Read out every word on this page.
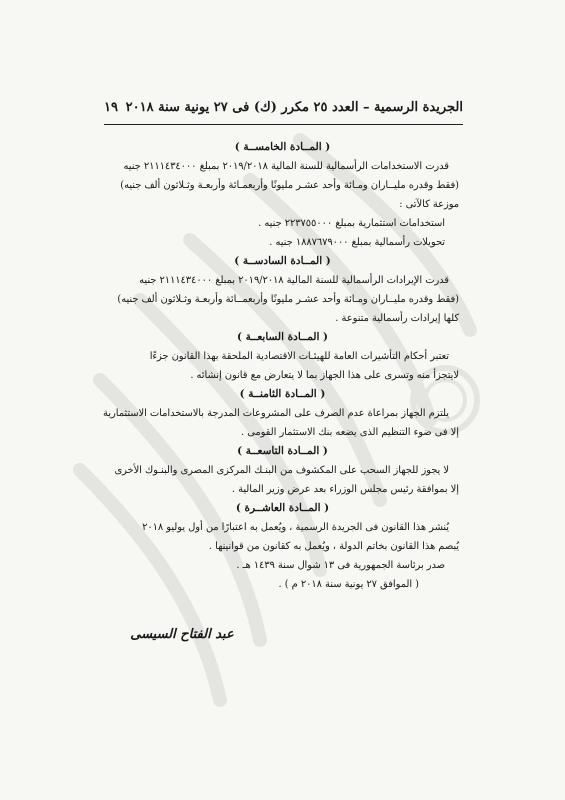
الجريدة الرسمية – العدد ٢٥ مكرر (ك) فى ٢٧ يونية سنة ٢٠١٨
١٩
( المــادة الخامســة )
قدرت الاستخدامات الرأسمالية للسنة المالية ٢٠١٩/٢٠١٨ بمبلغ ٢١١١٤٣٤٠٠٠ جنيه
(فقط وقدره مليــاران ومـائة وأحد عشـر مليونًا وأربعمـائة وأربعـة وثـلاثون ألف جنيه)
موزعة كالآتى :
استخدامات استثمارية بمبلغ ٢٢٣٧٥٥٠٠٠ جنيه .
تحويلات رأسمالية بمبلغ ١٨٨٧٦٧٩٠٠٠ جنيه .
( المــادة السادســة )
قدرت الإيرادات الرأسمالية للسنة المالية ٢٠١٩/٢٠١٨ بمبلغ ٢١١١٤٣٤٠٠٠ جنيه
(فقط وقدره مليــاران ومـائة وأحد عشـر مليونًا وأربعمــائة وأربعـة وثـلاثون ألف جنيه)
كلها إيرادات رأسمالية متنوعة .
( المــادة السابعــة )
تعتبر أحكام التأشيرات العامة للهيئـات الاقتصادية الملحقة بهذا القانون جزءًا
لايتجزأ منه وتسرى على هذا الجهاز بما لا يتعارض مع قانون إنشائه .
( المــادة الثامنــة )
يلتزم الجهاز بمراعاة عدم الصرف على المشروعات المدرجة بالاستخدامات الاستثمارية
إلا فى ضوء التنظيم الذى يضعه بنك الاستثمار القومى .
( المــادة التاسعــة )
لا يجوز للجهاز السحب على المكشوف من البنـك المركزى المصرى والبنـوك الأخرى
إلا بموافقة رئيس مجلس الوزراء بعد عرض وزير المالية .
( المــادة العاشــرة )
يُنشر هذا القانون فى الجريدة الرسمية ، ويُعمل به اعتبارًا من أول يوليو ٢٠١٨
يُبصم هذا القانون بخاتم الدولة ، ويُعمل به كقانون من قوانينها .
صدر برئاسة الجمهورية فى ١٣ شوال سنة ١٤٣٩ هـ .
( الموافق ٢٧ يونية سنة ٢٠١٨ م ) .
عبد الفتاح السيسى
